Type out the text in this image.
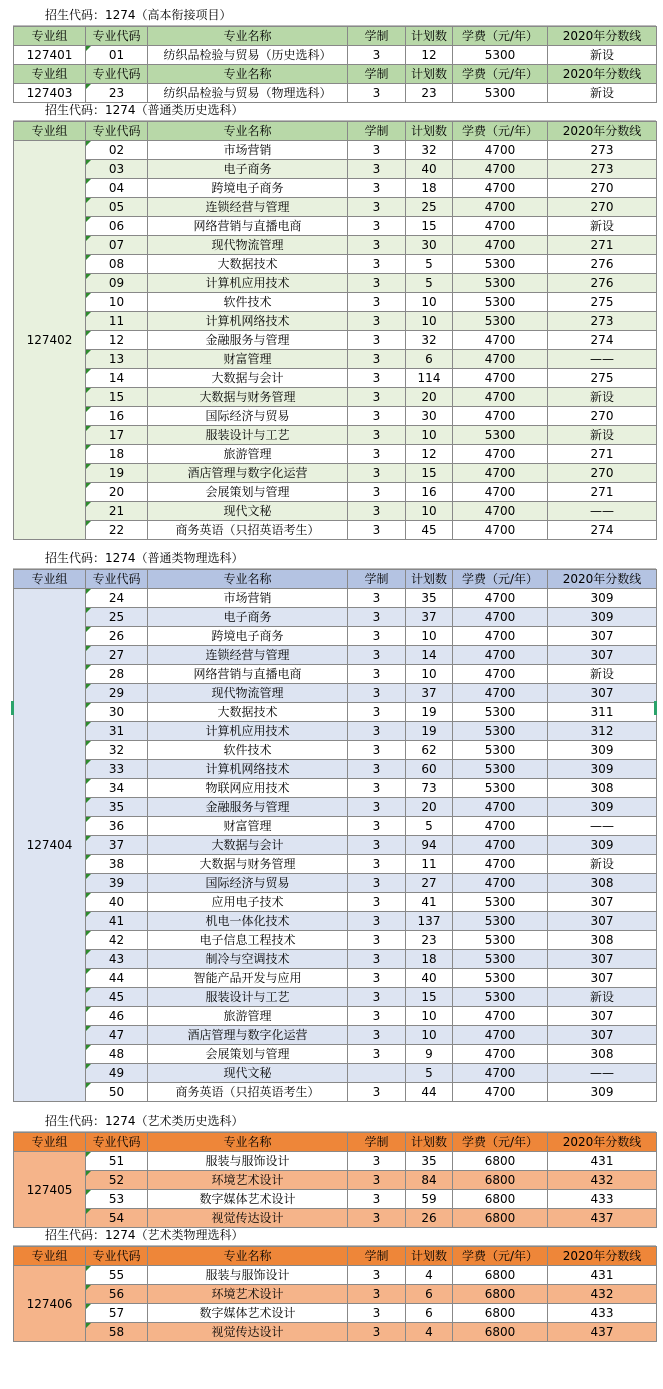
招生代码：1274（高本衔接项目）
专业组	专业代码	专业名称	学制	计划数	学费（元/年）	2020年分数线
127401	01	纺织品检验与贸易（历史选科）	3	12	5300	新设
专业组	专业代码	专业名称	学制	计划数	学费（元/年）	2020年分数线
127403	23	纺织品检验与贸易（物理选科）	3	23	5300	新设
招生代码：1274（普通类历史选科）
专业组	专业代码	专业名称	学制	计划数	学费（元/年）	2020年分数线
127402	02	市场营销	3	32	4700	273
	03	电子商务	3	40	4700	273
	04	跨境电子商务	3	18	4700	270
	05	连锁经营与管理	3	25	4700	270
	06	网络营销与直播电商	3	15	4700	新设
	07	现代物流管理	3	30	4700	271
	08	大数据技术	3	5	5300	276
	09	计算机应用技术	3	5	5300	276
	10	软件技术	3	10	5300	275
	11	计算机网络技术	3	10	5300	273
	12	金融服务与管理	3	32	4700	274
	13	财富管理	3	6	4700	——
	14	大数据与会计	3	114	4700	275
	15	大数据与财务管理	3	20	4700	新设
	16	国际经济与贸易	3	30	4700	270
	17	服装设计与工艺	3	10	5300	新设
	18	旅游管理	3	12	4700	271
	19	酒店管理与数字化运营	3	15	4700	270
	20	会展策划与管理	3	16	4700	271
	21	现代文秘	3	10	4700	——
	22	商务英语（只招英语考生）	3	45	4700	274
招生代码：1274（普通类物理选科）
专业组	专业代码	专业名称	学制	计划数	学费（元/年）	2020年分数线
127404	24	市场营销	3	35	4700	309
	25	电子商务	3	37	4700	309
	26	跨境电子商务	3	10	4700	307
	27	连锁经营与管理	3	14	4700	307
	28	网络营销与直播电商	3	10	4700	新设
	29	现代物流管理	3	37	4700	307
	30	大数据技术	3	19	5300	311
	31	计算机应用技术	3	19	5300	312
	32	软件技术	3	62	5300	309
	33	计算机网络技术	3	60	5300	309
	34	物联网应用技术	3	73	5300	308
	35	金融服务与管理	3	20	4700	309
	36	财富管理	3	5	4700	——
	37	大数据与会计	3	94	4700	309
	38	大数据与财务管理	3	11	4700	新设
	39	国际经济与贸易	3	27	4700	308
	40	应用电子技术	3	41	5300	307
	41	机电一体化技术	3	137	5300	307
	42	电子信息工程技术	3	23	5300	308
	43	制冷与空调技术	3	18	5300	307
	44	智能产品开发与应用	3	40	5300	307
	45	服装设计与工艺	3	15	5300	新设
	46	旅游管理	3	10	4700	307
	47	酒店管理与数字化运营	3	10	4700	307
	48	会展策划与管理	3	9	4700	308
	49	现代文秘		5	4700	——
	50	商务英语（只招英语考生）	3	44	4700	309
招生代码：1274（艺术类历史选科）
专业组	专业代码	专业名称	学制	计划数	学费（元/年）	2020年分数线
127405	51	服装与服饰设计	3	35	6800	431
	52	环境艺术设计	3	84	6800	432
	53	数字媒体艺术设计	3	59	6800	433
	54	视觉传达设计	3	26	6800	437
招生代码：1274（艺术类物理选科）
专业组	专业代码	专业名称	学制	计划数	学费（元/年）	2020年分数线
127406	55	服装与服饰设计	3	4	6800	431
	56	环境艺术设计	3	6	6800	432
	57	数字媒体艺术设计	3	6	6800	433
	58	视觉传达设计	3	4	6800	437
